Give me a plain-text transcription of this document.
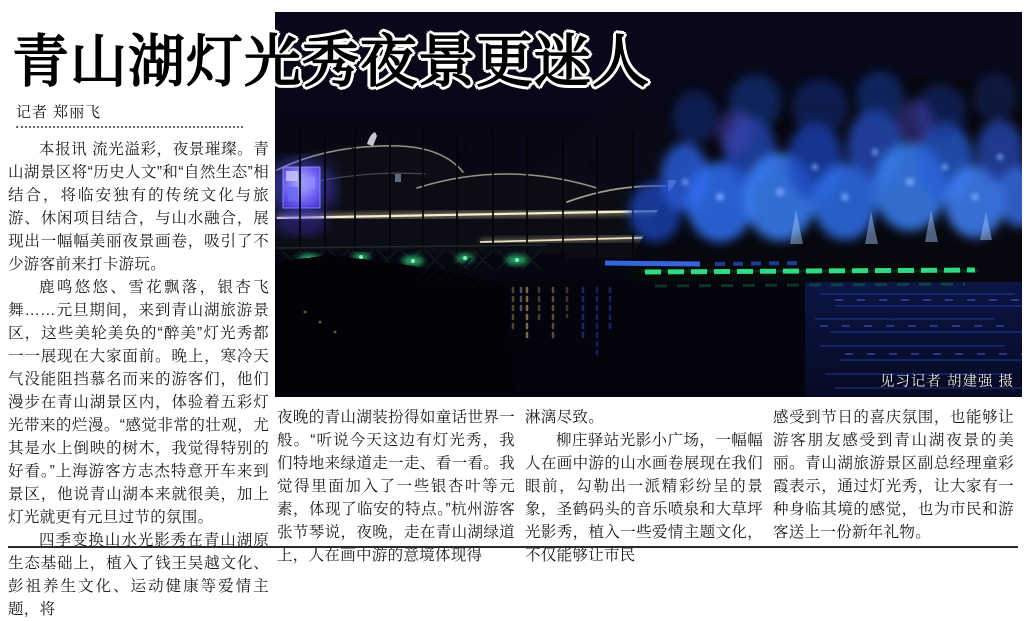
见习记者 胡建强 摄
青山湖灯光秀夜景更迷人
记者 郑丽飞

本报讯 流光溢彩，夜景璀璨。青山湖景区将“历史人文”和“自然生态”相结合，将临安独有的传统文化与旅游、休闲项目结合，与山水融合，展现出一幅幅美丽夜景画卷，吸引了不少游客前来打卡游玩。

鹿鸣悠悠、雪花飘落，银杏飞舞……元旦期间，来到青山湖旅游景区，这些美轮美奂的“醉美”灯光秀都一一展现在大家面前。晚上，寒冷天气没能阻挡慕名而来的游客们，他们漫步在青山湖景区内，体验着五彩灯光带来的烂漫。“感觉非常的壮观，尤其是水上倒映的树木，我觉得特别的好看。”上海游客方志杰特意开车来到景区，他说青山湖本来就很美，加上灯光就更有元旦过节的氛围。

四季变换山水光影秀在青山湖原生态基础上，植入了钱王吴越文化、彭祖养生文化、运动健康等爱情主题，将

夜晚的青山湖装扮得如童话世界一般。“听说今天这边有灯光秀，我们特地来绿道走一走、看一看。我觉得里面加入了一些银杏叶等元素，体现了临安的特点。”杭州游客张节琴说，夜晚，走在青山湖绿道上，人在画中游的意境体现得

淋漓尽致。

柳庄驿站光影小广场，一幅幅人在画中游的山水画卷展现在我们眼前，勾勒出一派精彩纷呈的景象，圣鹤码头的音乐喷泉和大草坪光影秀，植入一些爱情主题文化，不仅能够让市民

感受到节日的喜庆氛围，也能够让游客朋友感受到青山湖夜景的美丽。青山湖旅游景区副总经理童彩霞表示，通过灯光秀，让大家有一种身临其境的感觉，也为市民和游客送上一份新年礼物。
